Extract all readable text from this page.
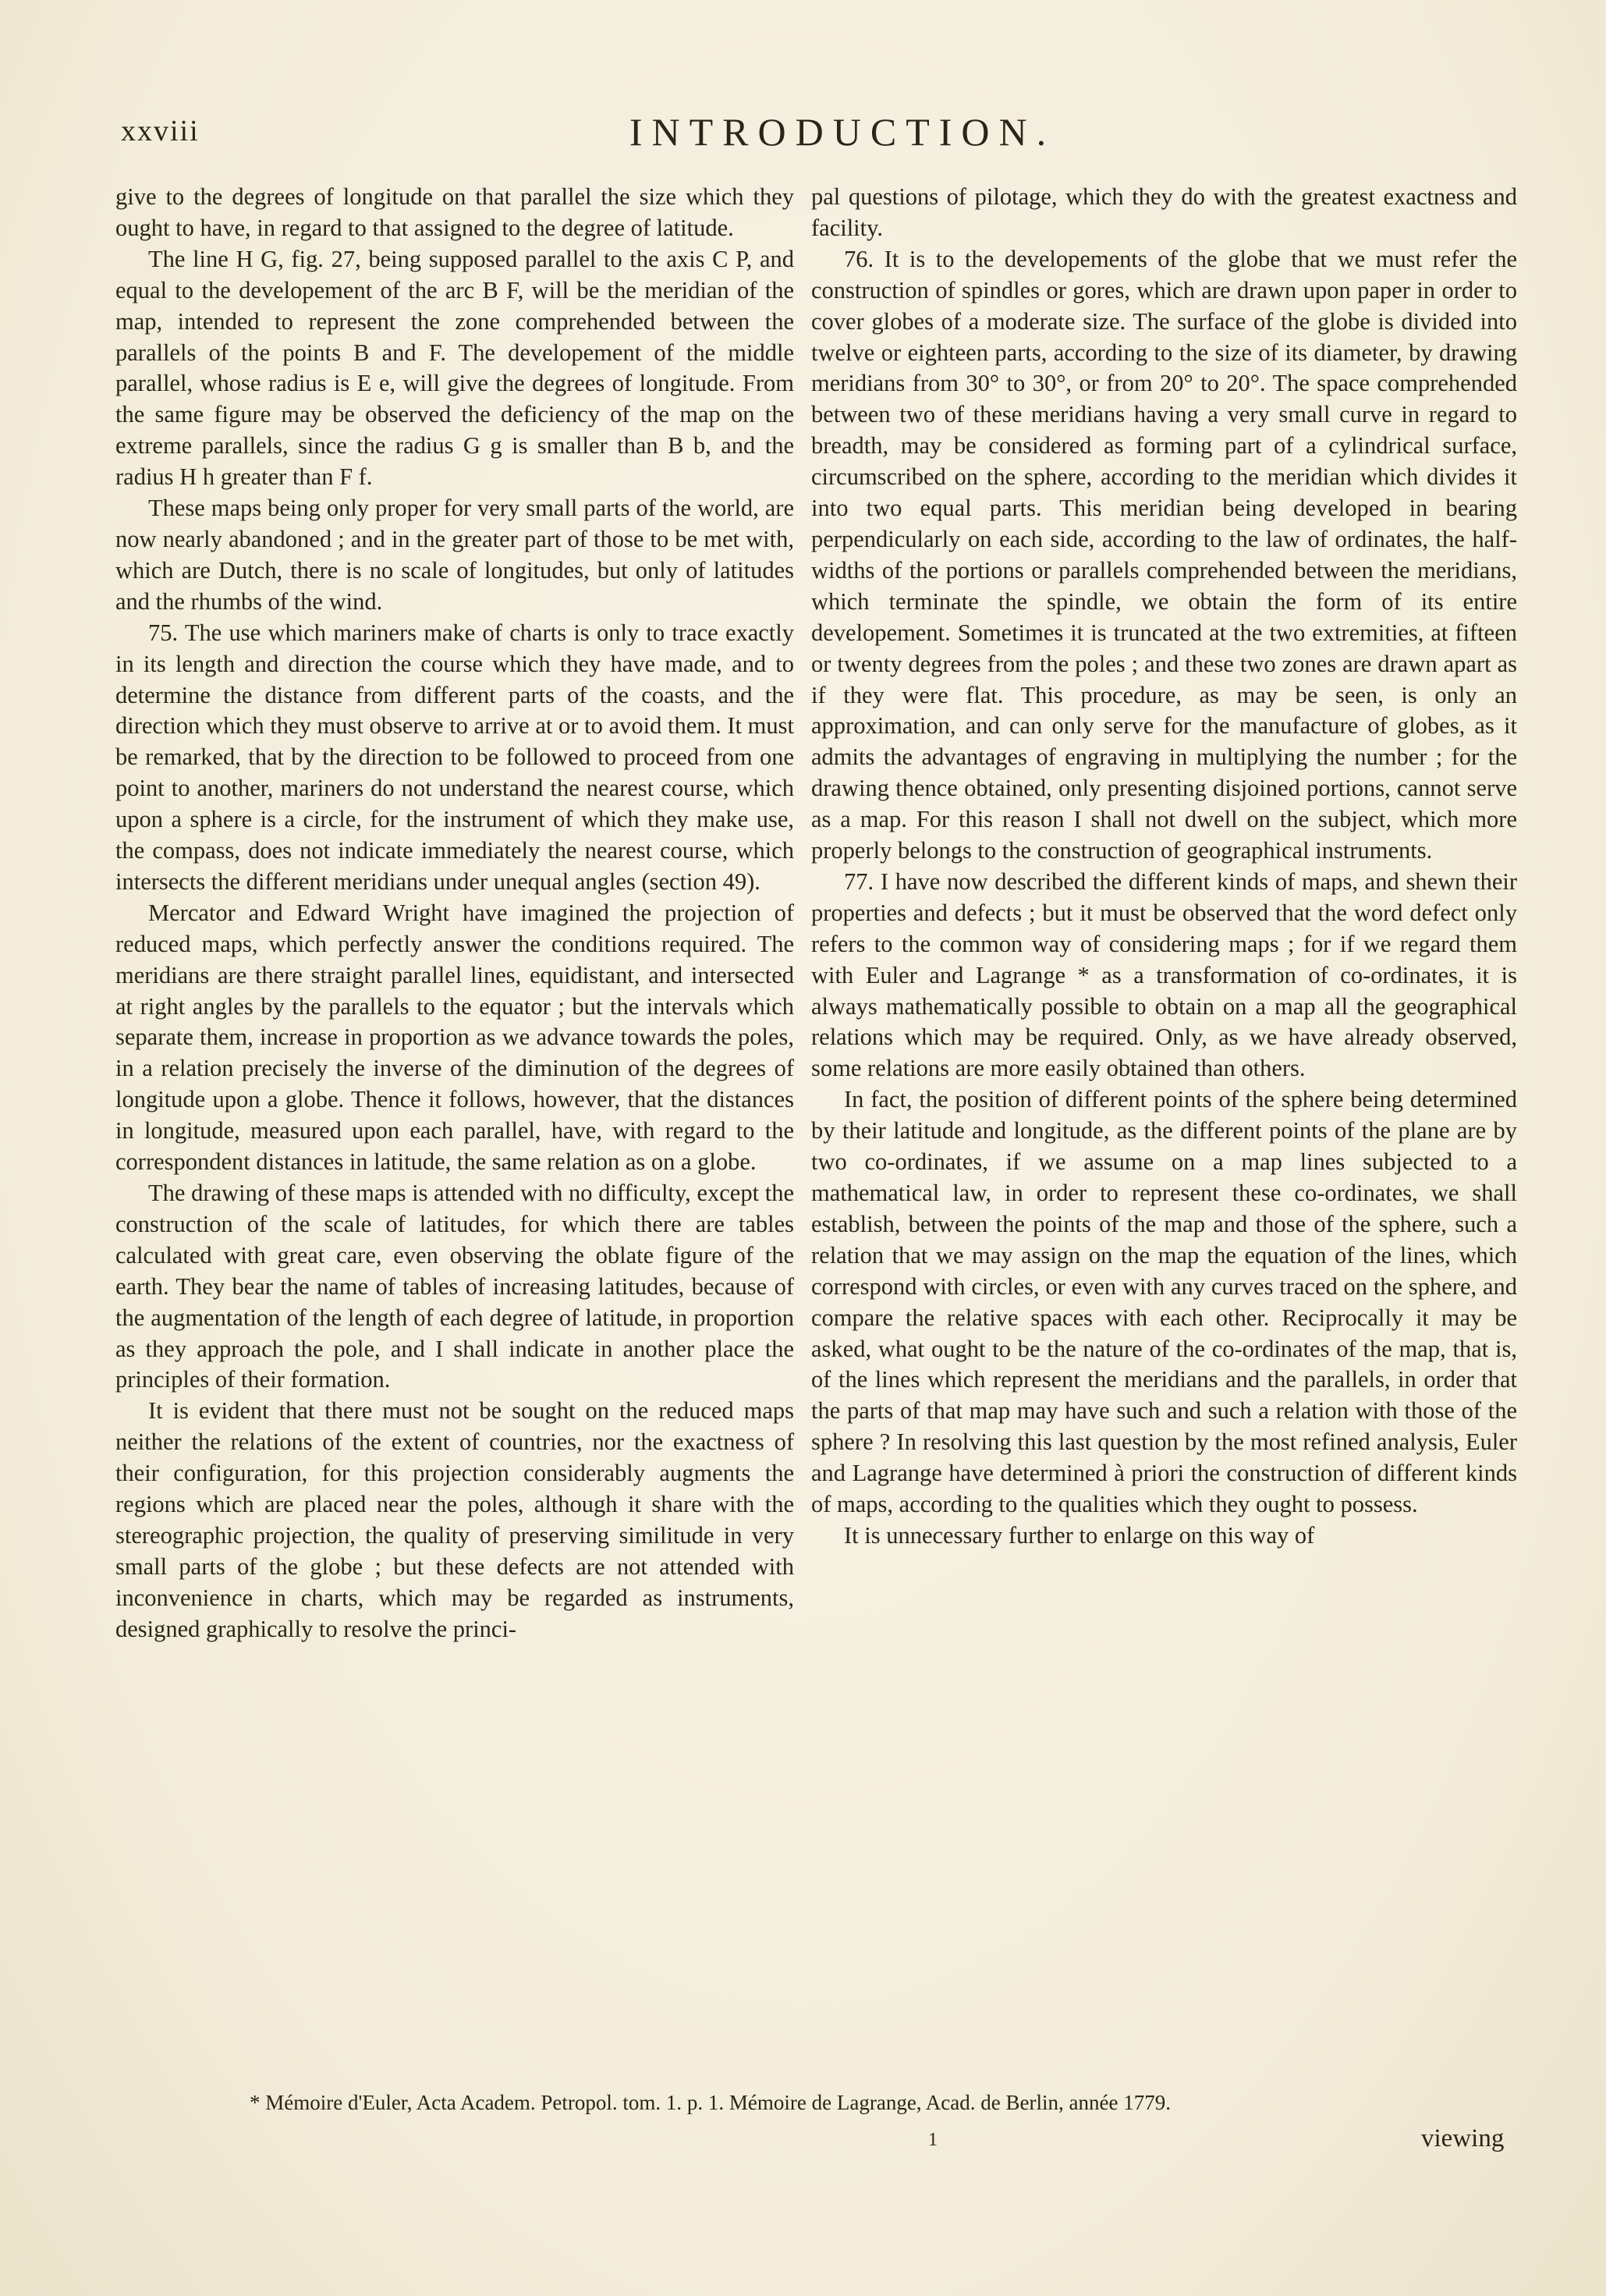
xxviii	INTRODUCTION.

give to the degrees of longitude on that parallel the size which they ought to have, in regard to that assigned to the degree of latitude.

The line H G, fig. 27, being supposed parallel to the axis C P, and equal to the developement of the arc B F, will be the meridian of the map, intended to represent the zone comprehended between the parallels of the points B and F. The developement of the middle parallel, whose radius is E e, will give the degrees of longitude. From the same figure may be observed the deficiency of the map on the extreme parallels, since the radius G g is smaller than B b, and the radius H h greater than F f.

These maps being only proper for very small parts of the world, are now nearly abandoned ; and in the greater part of those to be met with, which are Dutch, there is no scale of longitudes, but only of latitudes and the rhumbs of the wind.

75. The use which mariners make of charts is only to trace exactly in its length and direction the course which they have made, and to determine the distance from different parts of the coasts, and the direction which they must observe to arrive at or to avoid them. It must be remarked, that by the direction to be followed to proceed from one point to another, mariners do not understand the nearest course, which upon a sphere is a circle, for the instrument of which they make use, the compass, does not indicate immediately the nearest course, which intersects the different meridians under unequal angles (section 49).

Mercator and Edward Wright have imagined the projection of reduced maps, which perfectly answer the conditions required. The meridians are there straight parallel lines, equidistant, and intersected at right angles by the parallels to the equator ; but the intervals which separate them, increase in proportion as we advance towards the poles, in a relation precisely the inverse of the diminution of the degrees of longitude upon a globe. Thence it follows, however, that the distances in longitude, measured upon each parallel, have, with regard to the correspondent distances in latitude, the same relation as on a globe.

The drawing of these maps is attended with no difficulty, except the construction of the scale of latitudes, for which there are tables calculated with great care, even observing the oblate figure of the earth. They bear the name of tables of increasing latitudes, because of the augmentation of the length of each degree of latitude, in proportion as they approach the pole, and I shall indicate in another place the principles of their formation.

It is evident that there must not be sought on the reduced maps neither the relations of the extent of countries, nor the exactness of their configuration, for this projection considerably augments the regions which are placed near the poles, although it share with the stereographic projection, the quality of preserving similitude in very small parts of the globe ; but these defects are not attended with inconvenience in charts, which may be regarded as instruments, designed graphically to resolve the princi-

pal questions of pilotage, which they do with the greatest exactness and facility.

76. It is to the developements of the globe that we must refer the construction of spindles or gores, which are drawn upon paper in order to cover globes of a moderate size. The surface of the globe is divided into twelve or eighteen parts, according to the size of its diameter, by drawing meridians from 30° to 30°, or from 20° to 20°. The space comprehended between two of these meridians having a very small curve in regard to breadth, may be considered as forming part of a cylindrical surface, circumscribed on the sphere, according to the meridian which divides it into two equal parts. This meridian being developed in bearing perpendicularly on each side, according to the law of ordinates, the half-widths of the portions or parallels comprehended between the meridians, which terminate the spindle, we obtain the form of its entire developement. Sometimes it is truncated at the two extremities, at fifteen or twenty degrees from the poles ; and these two zones are drawn apart as if they were flat. This procedure, as may be seen, is only an approximation, and can only serve for the manufacture of globes, as it admits the advantages of engraving in multiplying the number ; for the drawing thence obtained, only presenting disjoined portions, cannot serve as a map. For this reason I shall not dwell on the subject, which more properly belongs to the construction of geographical instruments.

77. I have now described the different kinds of maps, and shewn their properties and defects ; but it must be observed that the word defect only refers to the common way of considering maps ; for if we regard them with Euler and Lagrange * as a transformation of co-ordinates, it is always mathematically possible to obtain on a map all the geographical relations which may be required. Only, as we have already observed, some relations are more easily obtained than others.

In fact, the position of different points of the sphere being determined by their latitude and longitude, as the different points of the plane are by two co-ordinates, if we assume on a map lines subjected to a mathematical law, in order to represent these co-ordinates, we shall establish, between the points of the map and those of the sphere, such a relation that we may assign on the map the equation of the lines, which correspond with circles, or even with any curves traced on the sphere, and compare the relative spaces with each other. Reciprocally it may be asked, what ought to be the nature of the co-ordinates of the map, that is, of the lines which represent the meridians and the parallels, in order that the parts of that map may have such and such a relation with those of the sphere ? In resolving this last question by the most refined analysis, Euler and Lagrange have determined à priori the construction of different kinds of maps, according to the qualities which they ought to possess.

It is unnecessary further to enlarge on this way of

* Mémoire d'Euler, Acta Academ. Petropol. tom. 1. p. 1. Mémoire de Lagrange, Acad. de Berlin, année 1779.
1	viewing
